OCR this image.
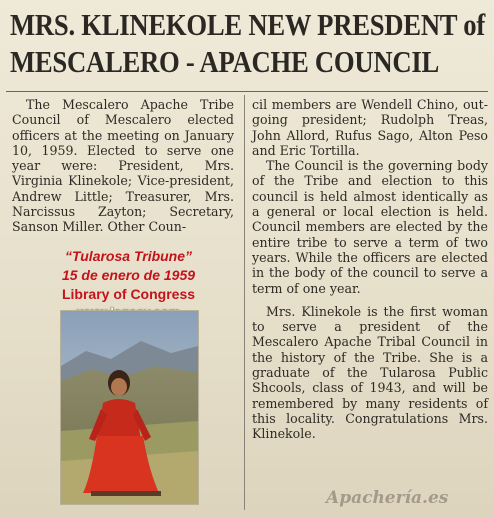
MRS. KLINEKOLE NEW PRESDENT of
MESCALERO - APACHE COUNCIL

The Mescalero Apache Tribe Council of Mescalero elected officers at the meeting on January 10, 1959. Elected to serve one year were: President, Mrs. Virginia Klinekole; Vice-president, Andrew Little; Treasurer, Mrs. Narcissus Zayton; Secretary, Sanson Miller. Other Coun-

cil members are Wendell Chino, out-going president; Rudolph Treas, John Allord, Rufus Sago, Alton Peso and Eric Tortilla.

The Council is the governing body of the Tribe and election to this council is held almost identically as a general or local election is held. Council members are elected by the entire tribe to serve a term of two years. While the officers are elected in the body of the council to serve a term of one year.

Mrs. Klinekole is the first woman to serve a president of the Mescalero Apache Tribal Council in the history of the Tribe. She is a graduate of the Tularosa Public Shcools, class of 1943, and will be remembered by many residents of this locality. Congratulations Mrs. Klinekole.

“Tularosa Tribune”
15 de enero de 1959
Library of Congress
Apachería.es
